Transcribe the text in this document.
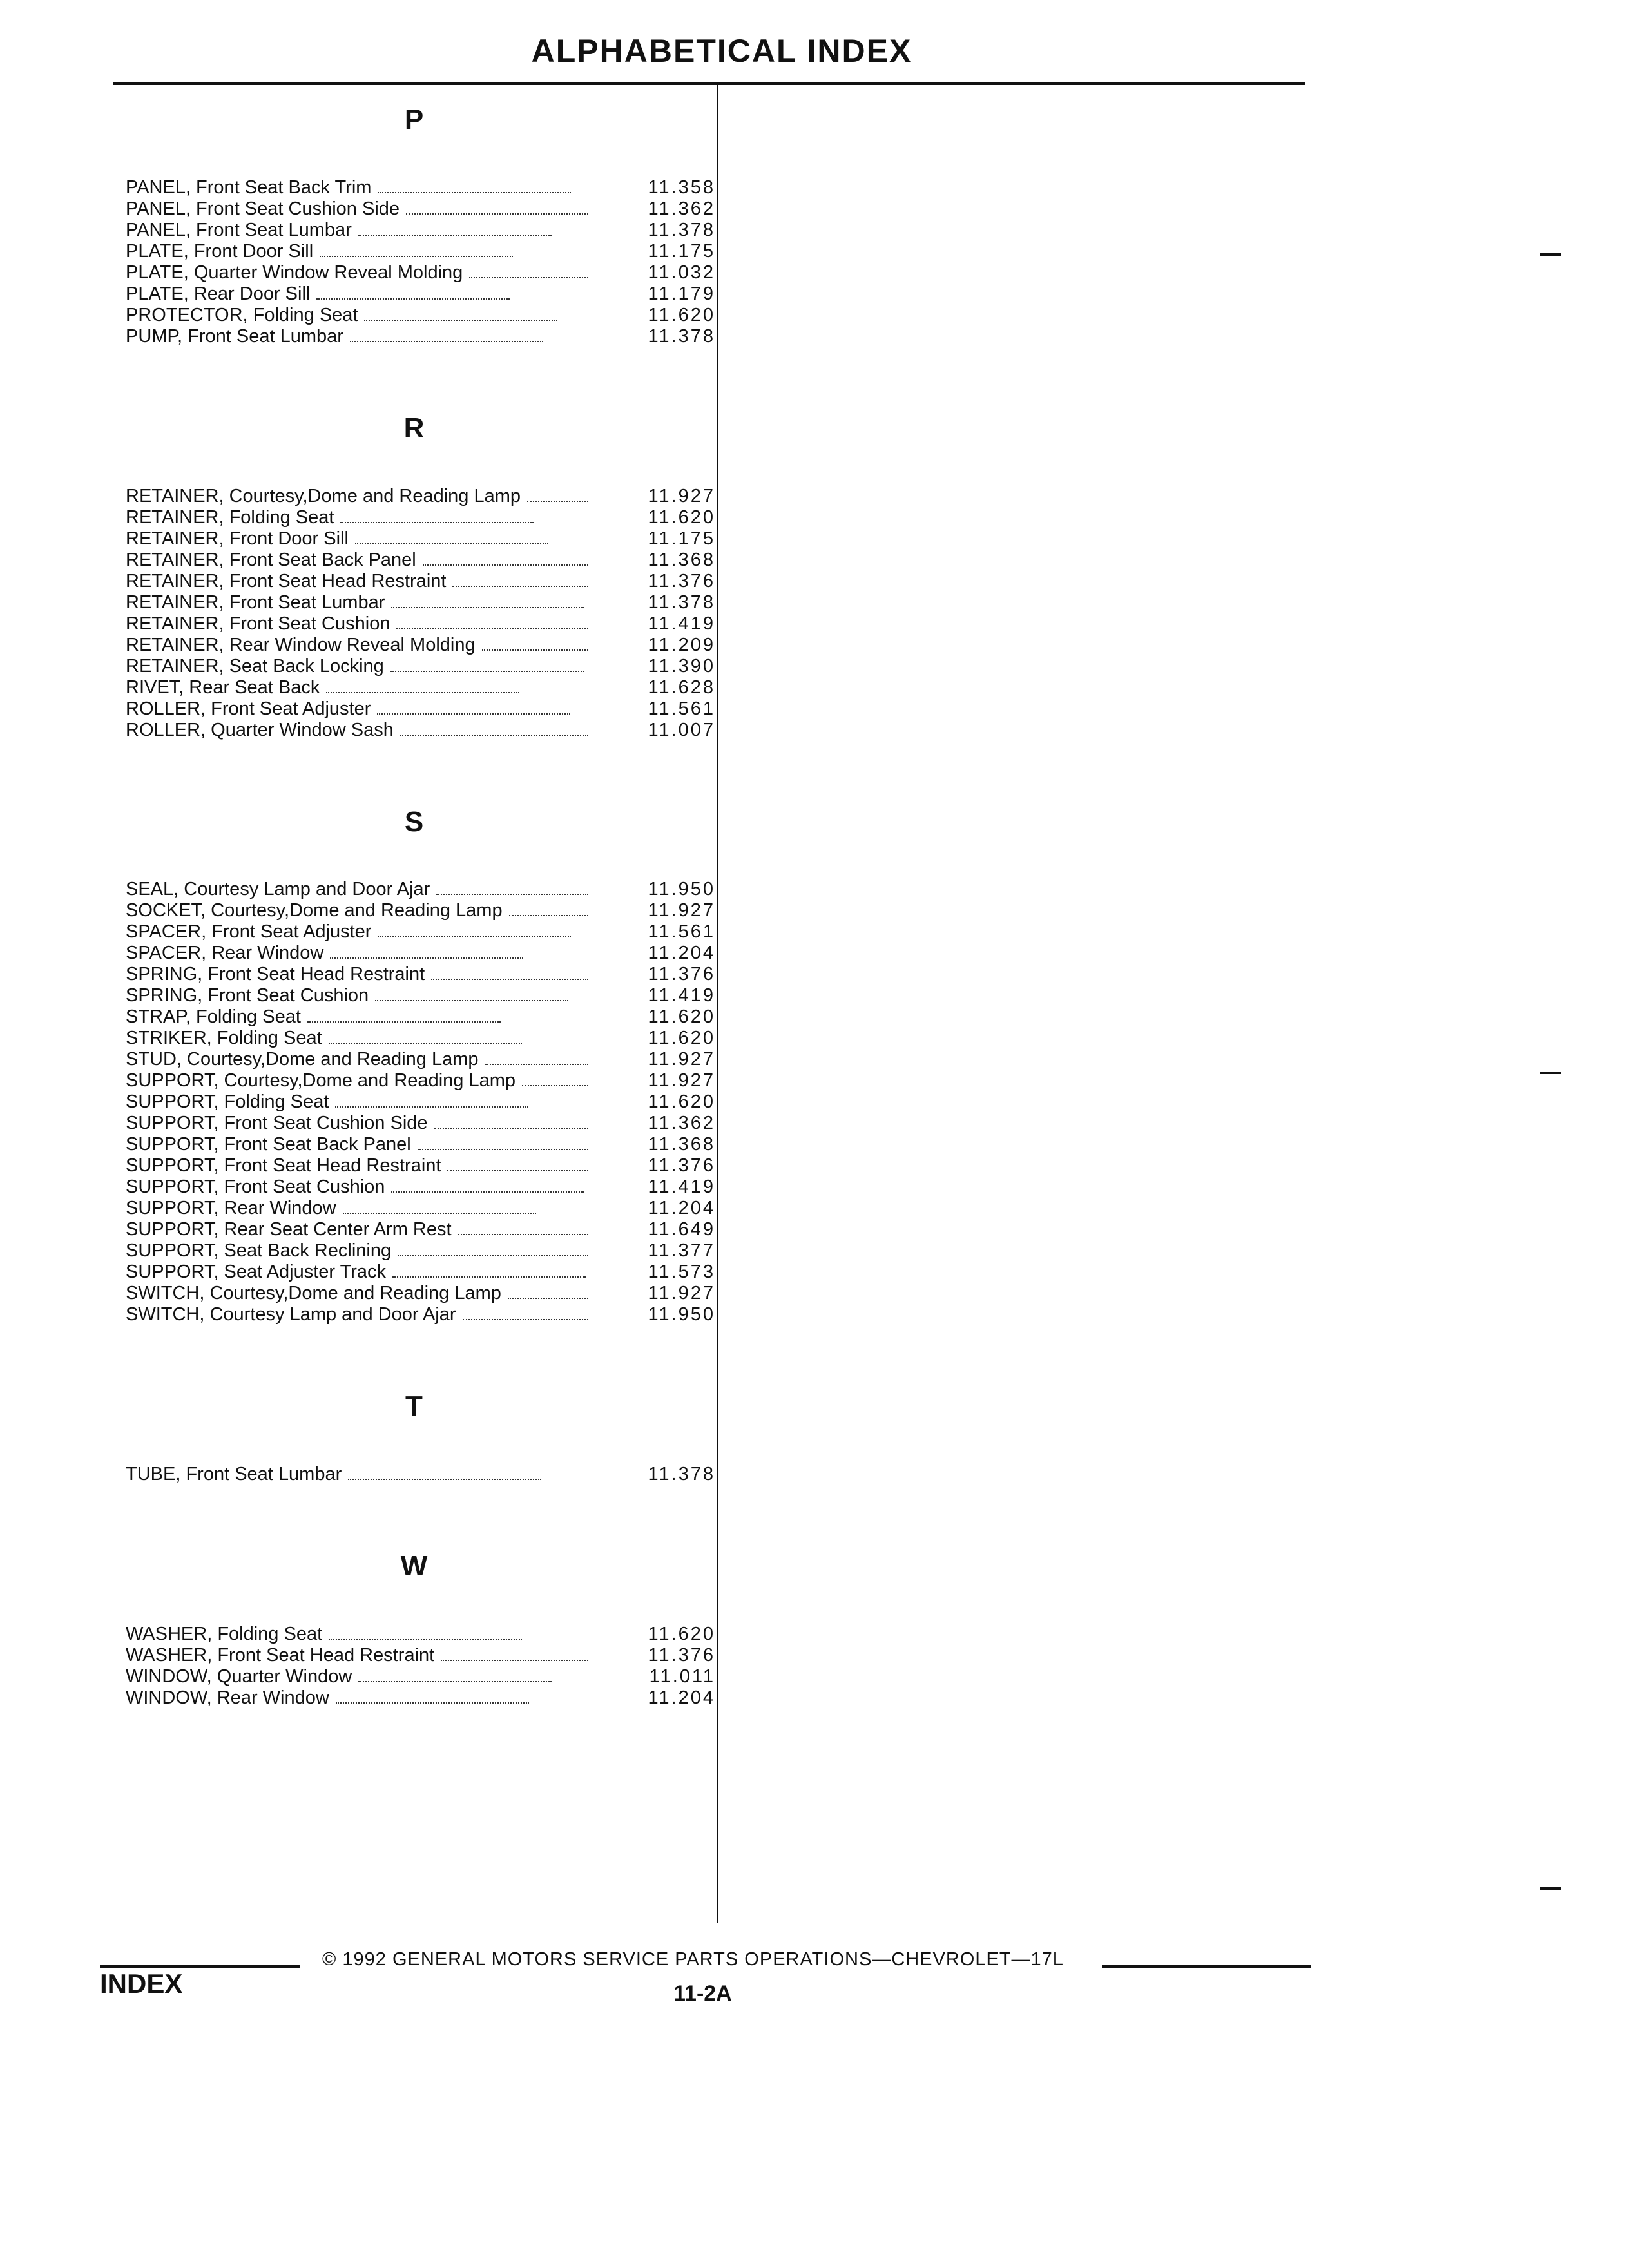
ALPHABETICAL INDEX
P
PANEL, Front Seat Back Trim	11.358
PANEL, Front Seat Cushion Side	11.362
PANEL, Front Seat Lumbar	11.378
PLATE, Front Door Sill	11.175
PLATE, Quarter Window Reveal Molding	11.032
PLATE, Rear Door Sill	11.179
PROTECTOR, Folding Seat	11.620
PUMP, Front Seat Lumbar	11.378
R
RETAINER, Courtesy,Dome and Reading Lamp	11.927
RETAINER, Folding Seat	11.620
RETAINER, Front Door Sill	11.175
RETAINER, Front Seat Back Panel	11.368
RETAINER, Front Seat Head Restraint	11.376
RETAINER, Front Seat Lumbar	11.378
RETAINER, Front Seat Cushion	11.419
RETAINER, Rear Window Reveal Molding	11.209
RETAINER, Seat Back Locking	11.390
RIVET, Rear Seat Back	11.628
ROLLER, Front Seat Adjuster	11.561
ROLLER, Quarter Window Sash	11.007
S
SEAL, Courtesy Lamp and Door Ajar	11.950
SOCKET, Courtesy,Dome and Reading Lamp	11.927
SPACER, Front Seat Adjuster	11.561
SPACER, Rear Window	11.204
SPRING, Front Seat Head Restraint	11.376
SPRING, Front Seat Cushion	11.419
STRAP, Folding Seat	11.620
STRIKER, Folding Seat	11.620
STUD, Courtesy,Dome and Reading Lamp	11.927
SUPPORT, Courtesy,Dome and Reading Lamp	11.927
SUPPORT, Folding Seat	11.620
SUPPORT, Front Seat Cushion Side	11.362
SUPPORT, Front Seat Back Panel	11.368
SUPPORT, Front Seat Head Restraint	11.376
SUPPORT, Front Seat Cushion	11.419
SUPPORT, Rear Window	11.204
SUPPORT, Rear Seat Center Arm Rest	11.649
SUPPORT, Seat Back Reclining	11.377
SUPPORT, Seat Adjuster Track	11.573
SWITCH, Courtesy,Dome and Reading Lamp	11.927
SWITCH, Courtesy Lamp and Door Ajar	11.950
T
TUBE, Front Seat Lumbar	11.378
W
WASHER, Folding Seat	11.620
WASHER, Front Seat Head Restraint	11.376
WINDOW, Quarter Window	11.011
WINDOW, Rear Window	11.204
© 1992 GENERAL MOTORS SERVICE PARTS OPERATIONS—CHEVROLET—17L
INDEX	11-2A
